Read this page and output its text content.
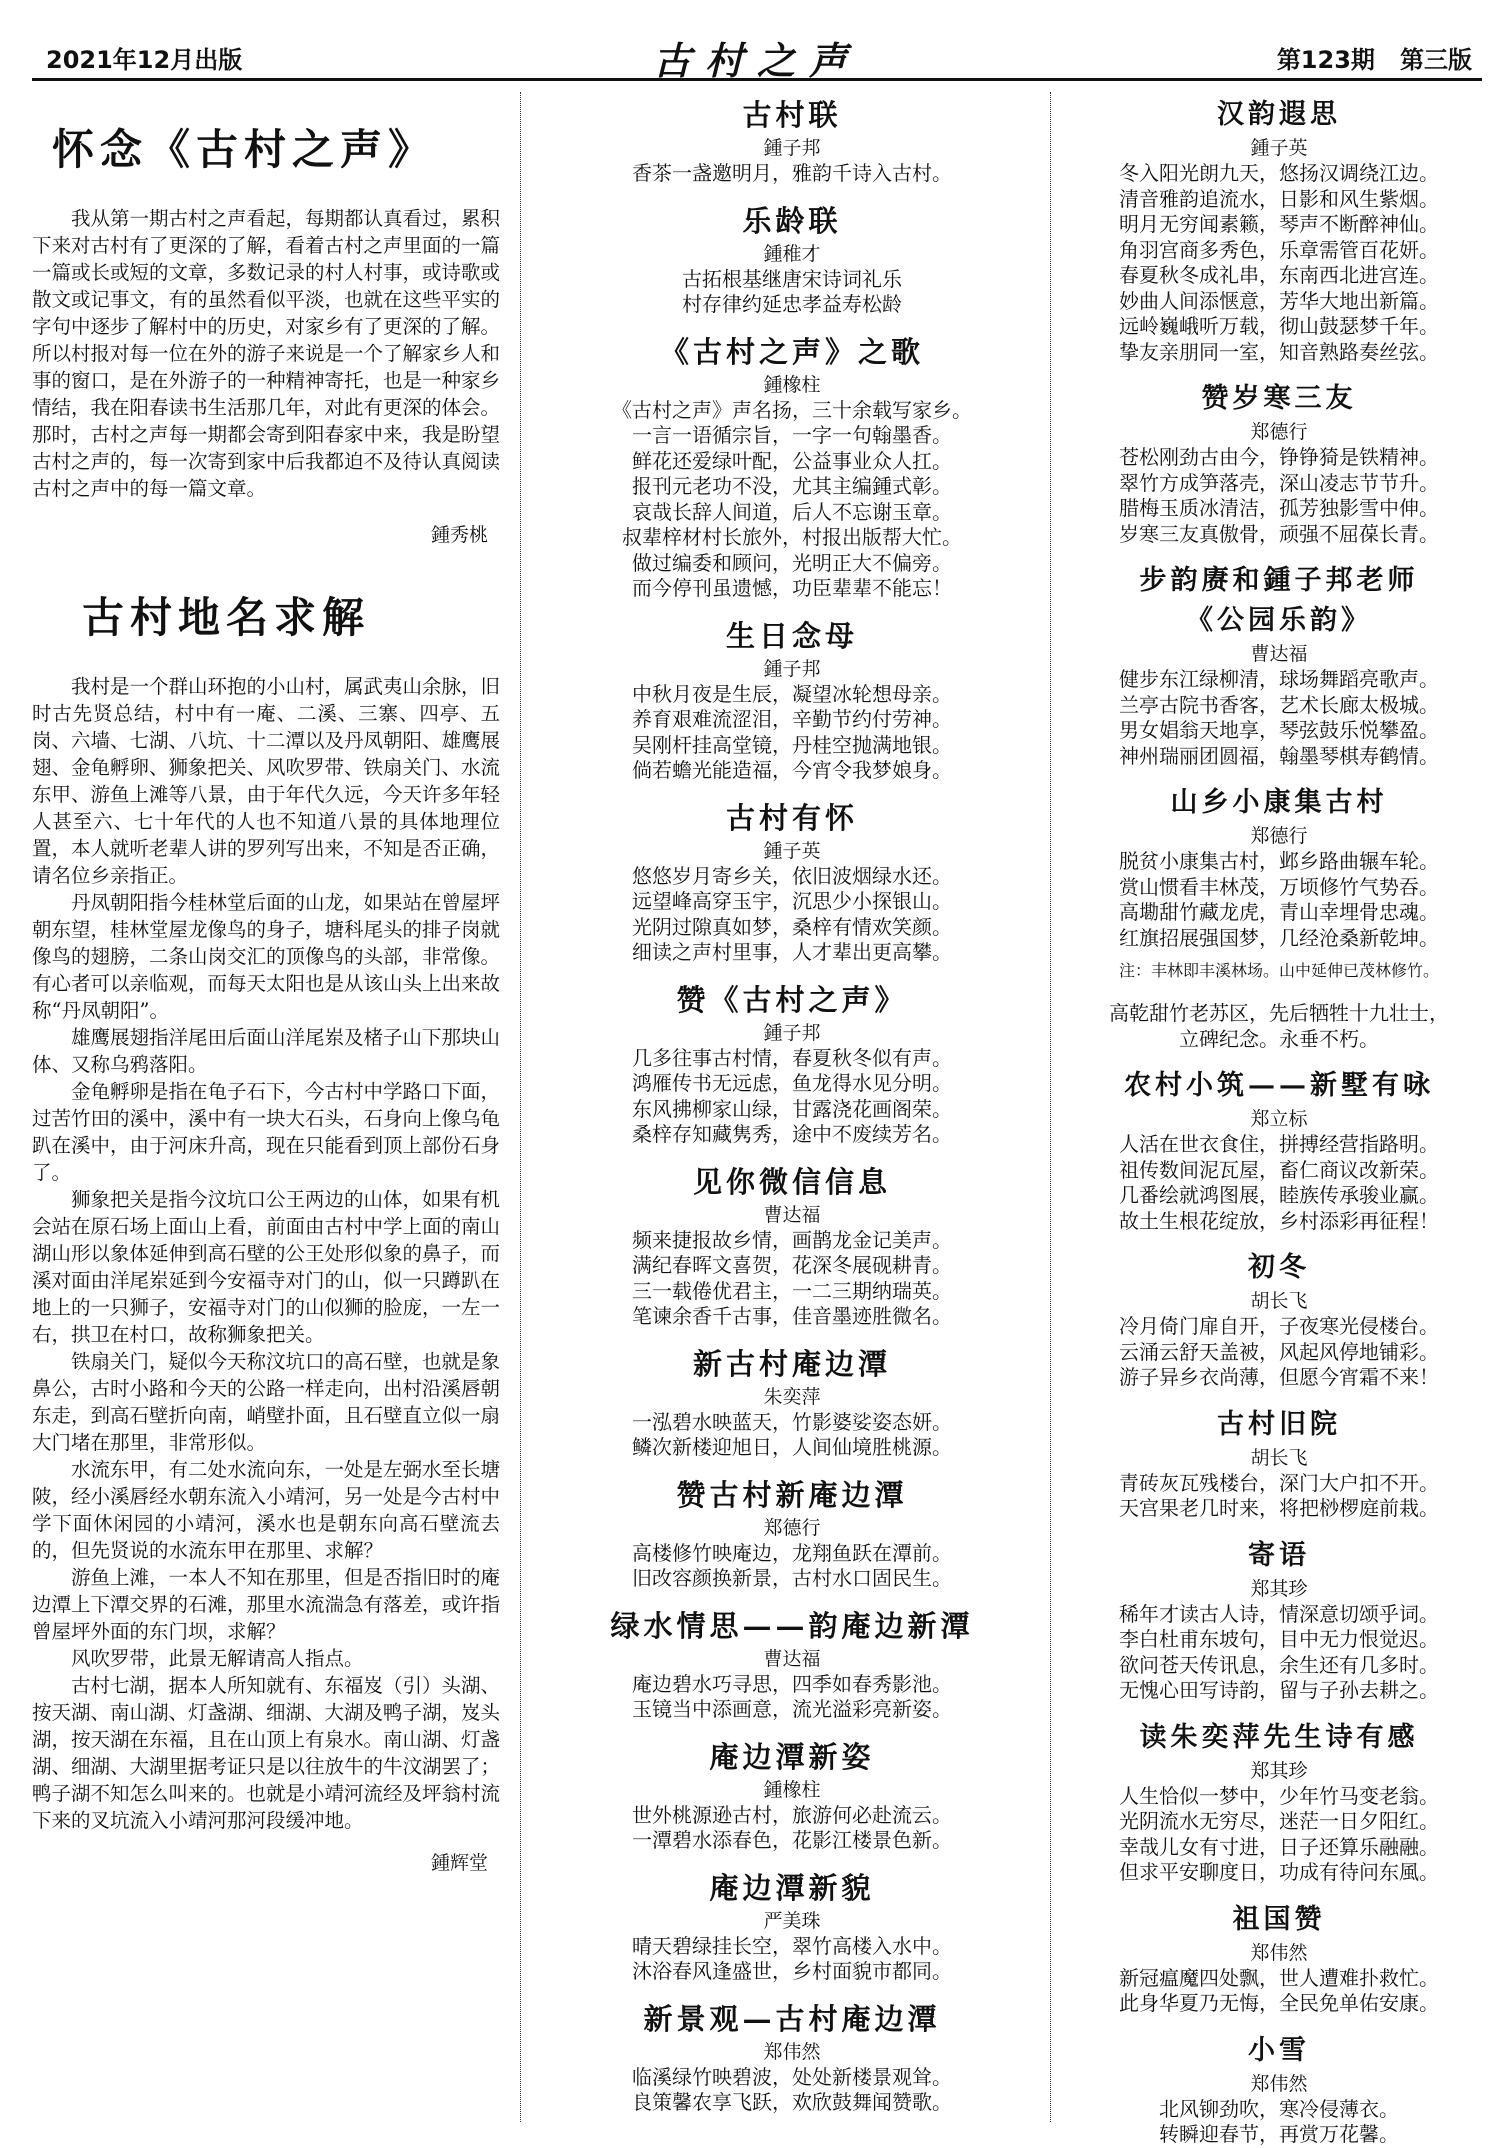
2021年12月出版	古村之声	第123期 第三版
怀念《古村之声》

我从第一期古村之声看起，每期都认真看过，累积下来对古村有了更深的了解，看着古村之声里面的一篇一篇或长或短的文章，多数记录的村人村事，或诗歌或散文或记事文，有的虽然看似平淡，也就在这些平实的字句中逐步了解村中的历史，对家乡有了更深的了解。所以村报对每一位在外的游子来说是一个了解家乡人和事的窗口，是在外游子的一种精神寄托，也是一种家乡情结，我在阳春读书生活那几年，对此有更深的体会。那时，古村之声每一期都会寄到阳春家中来，我是盼望古村之声的，每一次寄到家中后我都迫不及待认真阅读古村之声中的每一篇文章。

鍾秀桃
古村地名求解

我村是一个群山环抱的小山村，属武夷山余脉，旧时古先贤总结，村中有一庵、二溪、三寨、四亭、五岗、六墙、七湖、八坑、十二潭以及丹凤朝阳、雄鹰展翅、金龟孵卵、狮象把关、风吹罗带、铁扇关门、水流东甲、游鱼上滩等八景，由于年代久远，今天许多年轻人甚至六、七十年代的人也不知道八景的具体地理位置，本人就听老辈人讲的罗列写出来，不知是否正确，请名位乡亲指正。

丹凤朝阳指今桂林堂后面的山龙，如果站在曾屋坪朝东望，桂林堂屋龙像鸟的身子，塘科尾头的排子岗就像鸟的翅膀，二条山岗交汇的顶像鸟的头部，非常像。有心者可以亲临观，而每天太阳也是从该山头上出来故称“丹凤朝阳”。

雄鹰展翅指洋尾田后面山洋尾岽及楮子山下那块山体、又称乌鸦落阳。

金龟孵卵是指在龟子石下，今古村中学路口下面，过苦竹田的溪中，溪中有一块大石头，石身向上像乌龟趴在溪中，由于河床升高，现在只能看到顶上部份石身了。

狮象把关是指今汶坑口公王两边的山体，如果有机会站在原石场上面山上看，前面由古村中学上面的南山湖山形以象体延伸到高石壁的公王处形似象的鼻子，而溪对面由洋尾岽延到今安福寺对门的山，似一只蹲趴在地上的一只狮子，安福寺对门的山似狮的脸庞，一左一右，拱卫在村口，故称狮象把关。

铁扇关门，疑似今天称汶坑口的高石壁，也就是象鼻公，古时小路和今天的公路一样走向，出村沿溪唇朝东走，到高石壁折向南，峭壁扑面，且石壁直立似一扇大门堵在那里，非常形似。

水流东甲，有二处水流向东，一处是左弼水至长塘陂，经小溪唇经水朝东流入小靖河，另一处是今古村中学下面休闲园的小靖河，溪水也是朝东向高石壁流去的，但先贤说的水流东甲在那里、求解？

游鱼上滩，一本人不知在那里，但是否指旧时的庵边潭上下潭交界的石滩，那里水流湍急有落差，或许指曾屋坪外面的东门坝，求解？

风吹罗带，此景无解请高人指点。

古村七湖，据本人所知就有、东福岌（引）头湖、按天湖、南山湖、灯盏湖、细湖、大湖及鸭子湖，岌头湖，按天湖在东福，且在山顶上有泉水。南山湖、灯盏湖、细湖、大湖里据考证只是以往放牛的牛汶湖罢了；鸭子湖不知怎么叫来的。也就是小靖河流经及坪翁村流下来的叉坑流入小靖河那河段缓冲地。

鍾辉堂
古村联
鍾子邦
香茶一盏邀明月，雅韵千诗入古村。
乐龄联
鍾稚才
古拓根基继唐宋诗词礼乐
村存律约延忠孝益寿松龄
《古村之声》之歌
鍾橡柱
《古村之声》声名扬，三十余载写家乡。
一言一语循宗旨，一字一句翰墨香。
鲜花还爱绿叶配，公益事业众人扛。
报刊元老功不没，尤其主编鍾式彰。
哀哉长辞人间道，后人不忘谢玉章。
叔辈梓材村长旅外，村报出版帮大忙。
做过编委和顾问，光明正大不偏旁。
而今停刊虽遗憾，功臣辈辈不能忘！
生日念母
鍾子邦
中秋月夜是生辰，凝望冰轮想母亲。
养育艰难流涩泪，辛勤节约付劳神。
吴刚杆挂高堂镜，丹桂空抛满地银。
倘若蟾光能造福，今宵令我梦娘身。
古村有怀
鍾子英
悠悠岁月寄乡关，依旧波烟绿水还。
远望峰高穿玉宇，沉思少小探银山。
光阴过隙真如梦，桑梓有情欢笑颜。
细读之声村里事，人才辈出更高攀。
赞《古村之声》
鍾子邦
几多往事古村情，春夏秋冬似有声。
鸿雁传书无远虑，鱼龙得水见分明。
东风拂柳家山绿，甘露浇花画阁荣。
桑梓存知藏隽秀，途中不废续芳名。
见你微信信息
曹达福
频来捷报故乡情，画鹊龙金记美声。
满纪春晖文喜贺，花深冬展砚耕青。
三一载倦优君主，一二三期纳瑞英。
笔谏余香千古事，佳音墨迹胜微名。
新古村庵边潭
朱奕萍
一泓碧水映蓝天，竹影婆娑姿态妍。
鳞次新楼迎旭日，人间仙境胜桃源。
赞古村新庵边潭
郑德行
高楼修竹映庵边，龙翔鱼跃在潭前。
旧改容颜换新景，古村水口固民生。
绿水情思——韵庵边新潭
曹达福
庵边碧水巧寻思，四季如春秀影池。
玉镜当中添画意，流光溢彩亮新姿。
庵边潭新姿
鍾橡柱
世外桃源逊古村，旅游何必赴流云。
一潭碧水添春色，花影江楼景色新。
庵边潭新貌
严美珠
晴天碧绿挂长空，翠竹高楼入水中。
沐浴春风逢盛世，乡村面貌市都同。
新景观—古村庵边潭
郑伟然
临溪绿竹映碧波，处处新楼景观耸。
良策馨农享飞跃，欢欣鼓舞闻赞歌。
汉韵遐思
鍾子英
冬入阳光朗九天，悠扬汉调绕江边。
清音雅韵追流水，日影和风生紫烟。
明月无穷闻素籁，琴声不断醉神仙。
角羽宫商多秀色，乐章需管百花妍。
春夏秋冬成礼串，东南西北进宫连。
妙曲人间添惬意，芳华大地出新篇。
远岭巍峨听万载，彻山鼓瑟梦千年。
挚友亲朋同一室，知音熟路奏丝弦。
赞岁寒三友
郑德行
苍松刚劲古由今，铮铮猗是铁精神。
翠竹方成笋落壳，深山凌志节节升。
腊梅玉质冰清洁，孤芳独影雪中伸。
岁寒三友真傲骨，顽强不屈葆长青。
步韵赓和鍾子邦老师
《公园乐韵》
曹达福
健步东江绿柳清，球场舞蹈亮歌声。
兰亭古院书香客，艺术长廊太极城。
男女娼翁天地享，琴弦鼓乐悦攀盈。
神州瑞丽团圆福，翰墨琴棋寿鹤情。
山乡小康集古村
郑德行
脱贫小康集古村，邺乡路曲辗车轮。
赏山惯看丰林茂，万顷修竹气势吞。
高墈甜竹藏龙虎，青山幸埋骨忠魂。
红旗招展强国梦，几经沧桑新乾坤。
注：丰林即丰溪林场。山中延伸已茂林修竹。
高乾甜竹老苏区，先后牺牲十九壮士，
立碑纪念。永垂不朽。
农村小筑——新墅有咏
郑立标
人活在世衣食住，拼搏经营指路明。
祖传数间泥瓦屋，畜仁商议改新荣。
几番绘就鸿图展，睦族传承骏业赢。
故土生根花绽放，乡村添彩再征程！
初冬
胡长飞
冷月倚门扉自开，子夜寒光侵楼台。
云涌云舒天盖被，风起风停地铺彩。
游子异乡衣尚薄，但愿今宵霜不来！
古村旧院
胡长飞
青砖灰瓦残楼台，深门大户扣不开。
天宫果老几时来，将把桫椤庭前栽。
寄语
郑其珍
稀年才读古人诗，情深意切颂乎词。
李白杜甫东坡句，目中无力恨觉迟。
欲问苍天传讯息，余生还有几多时。
无愧心田写诗韵，留与子孙去耕之。
读朱奕萍先生诗有感
郑其珍
人生恰似一梦中，少年竹马变老翁。
光阴流水无穷尽，迷茫一日夕阳红。
幸哉儿女有寸进，日子还算乐融融。
但求平安聊度日，功成有待问东風。
祖国赞
郑伟然
新冠瘟魔四处飘，世人遭难扑救忙。
此身华夏乃无悔，全民免单佑安康。
小雪
郑伟然
北风铆劲吹，寒冷侵薄衣。
转瞬迎春节，再赏万花馨。
